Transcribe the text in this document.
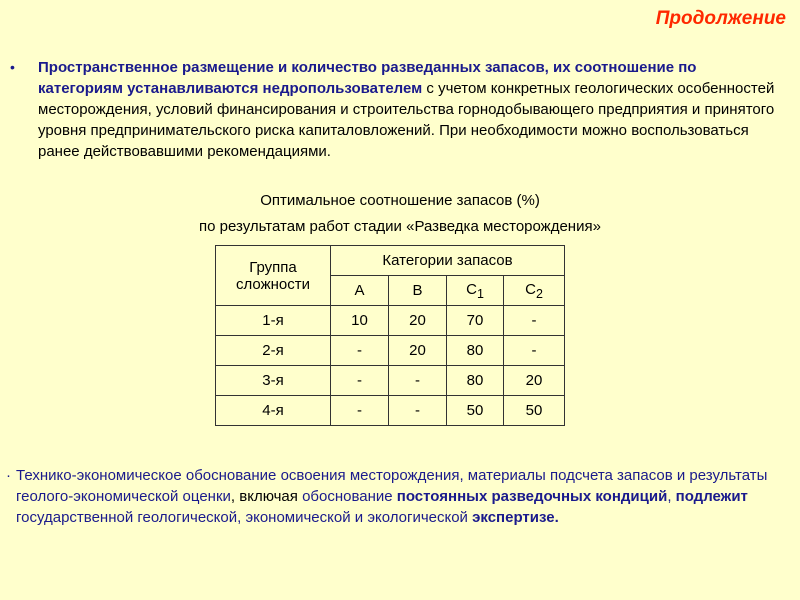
Продолжение
• Пространственное размещение и количество разведанных запасов, их соотношение по категориям устанавливаются недропользователем с учетом конкретных геологических особенностей месторождения, условий финансирования и строительства горнодобывающего предприятия и принятого уровня предпринимательского риска капиталовложений. При необходимости можно воспользоваться ранее действовавшими рекомендациями.
Оптимальное соотношение запасов (%)
по результатам работ стадии «Разведка месторождения»
Группа сложности	Категории запасов			
	A	B	$C_1$	$C_2$
1-я	10	20	70	-
2-я	-	20	80	-
3-я	-	-	80	20
4-я	-	-	50	50
· Технико-экономическое обоснование освоения месторождения, материалы подсчета запасов и результаты геолого-экономической оценки, включая обоснование постоянных разведочных кондиций, подлежит государственной геологической, экономической и экологической экспертизе.
